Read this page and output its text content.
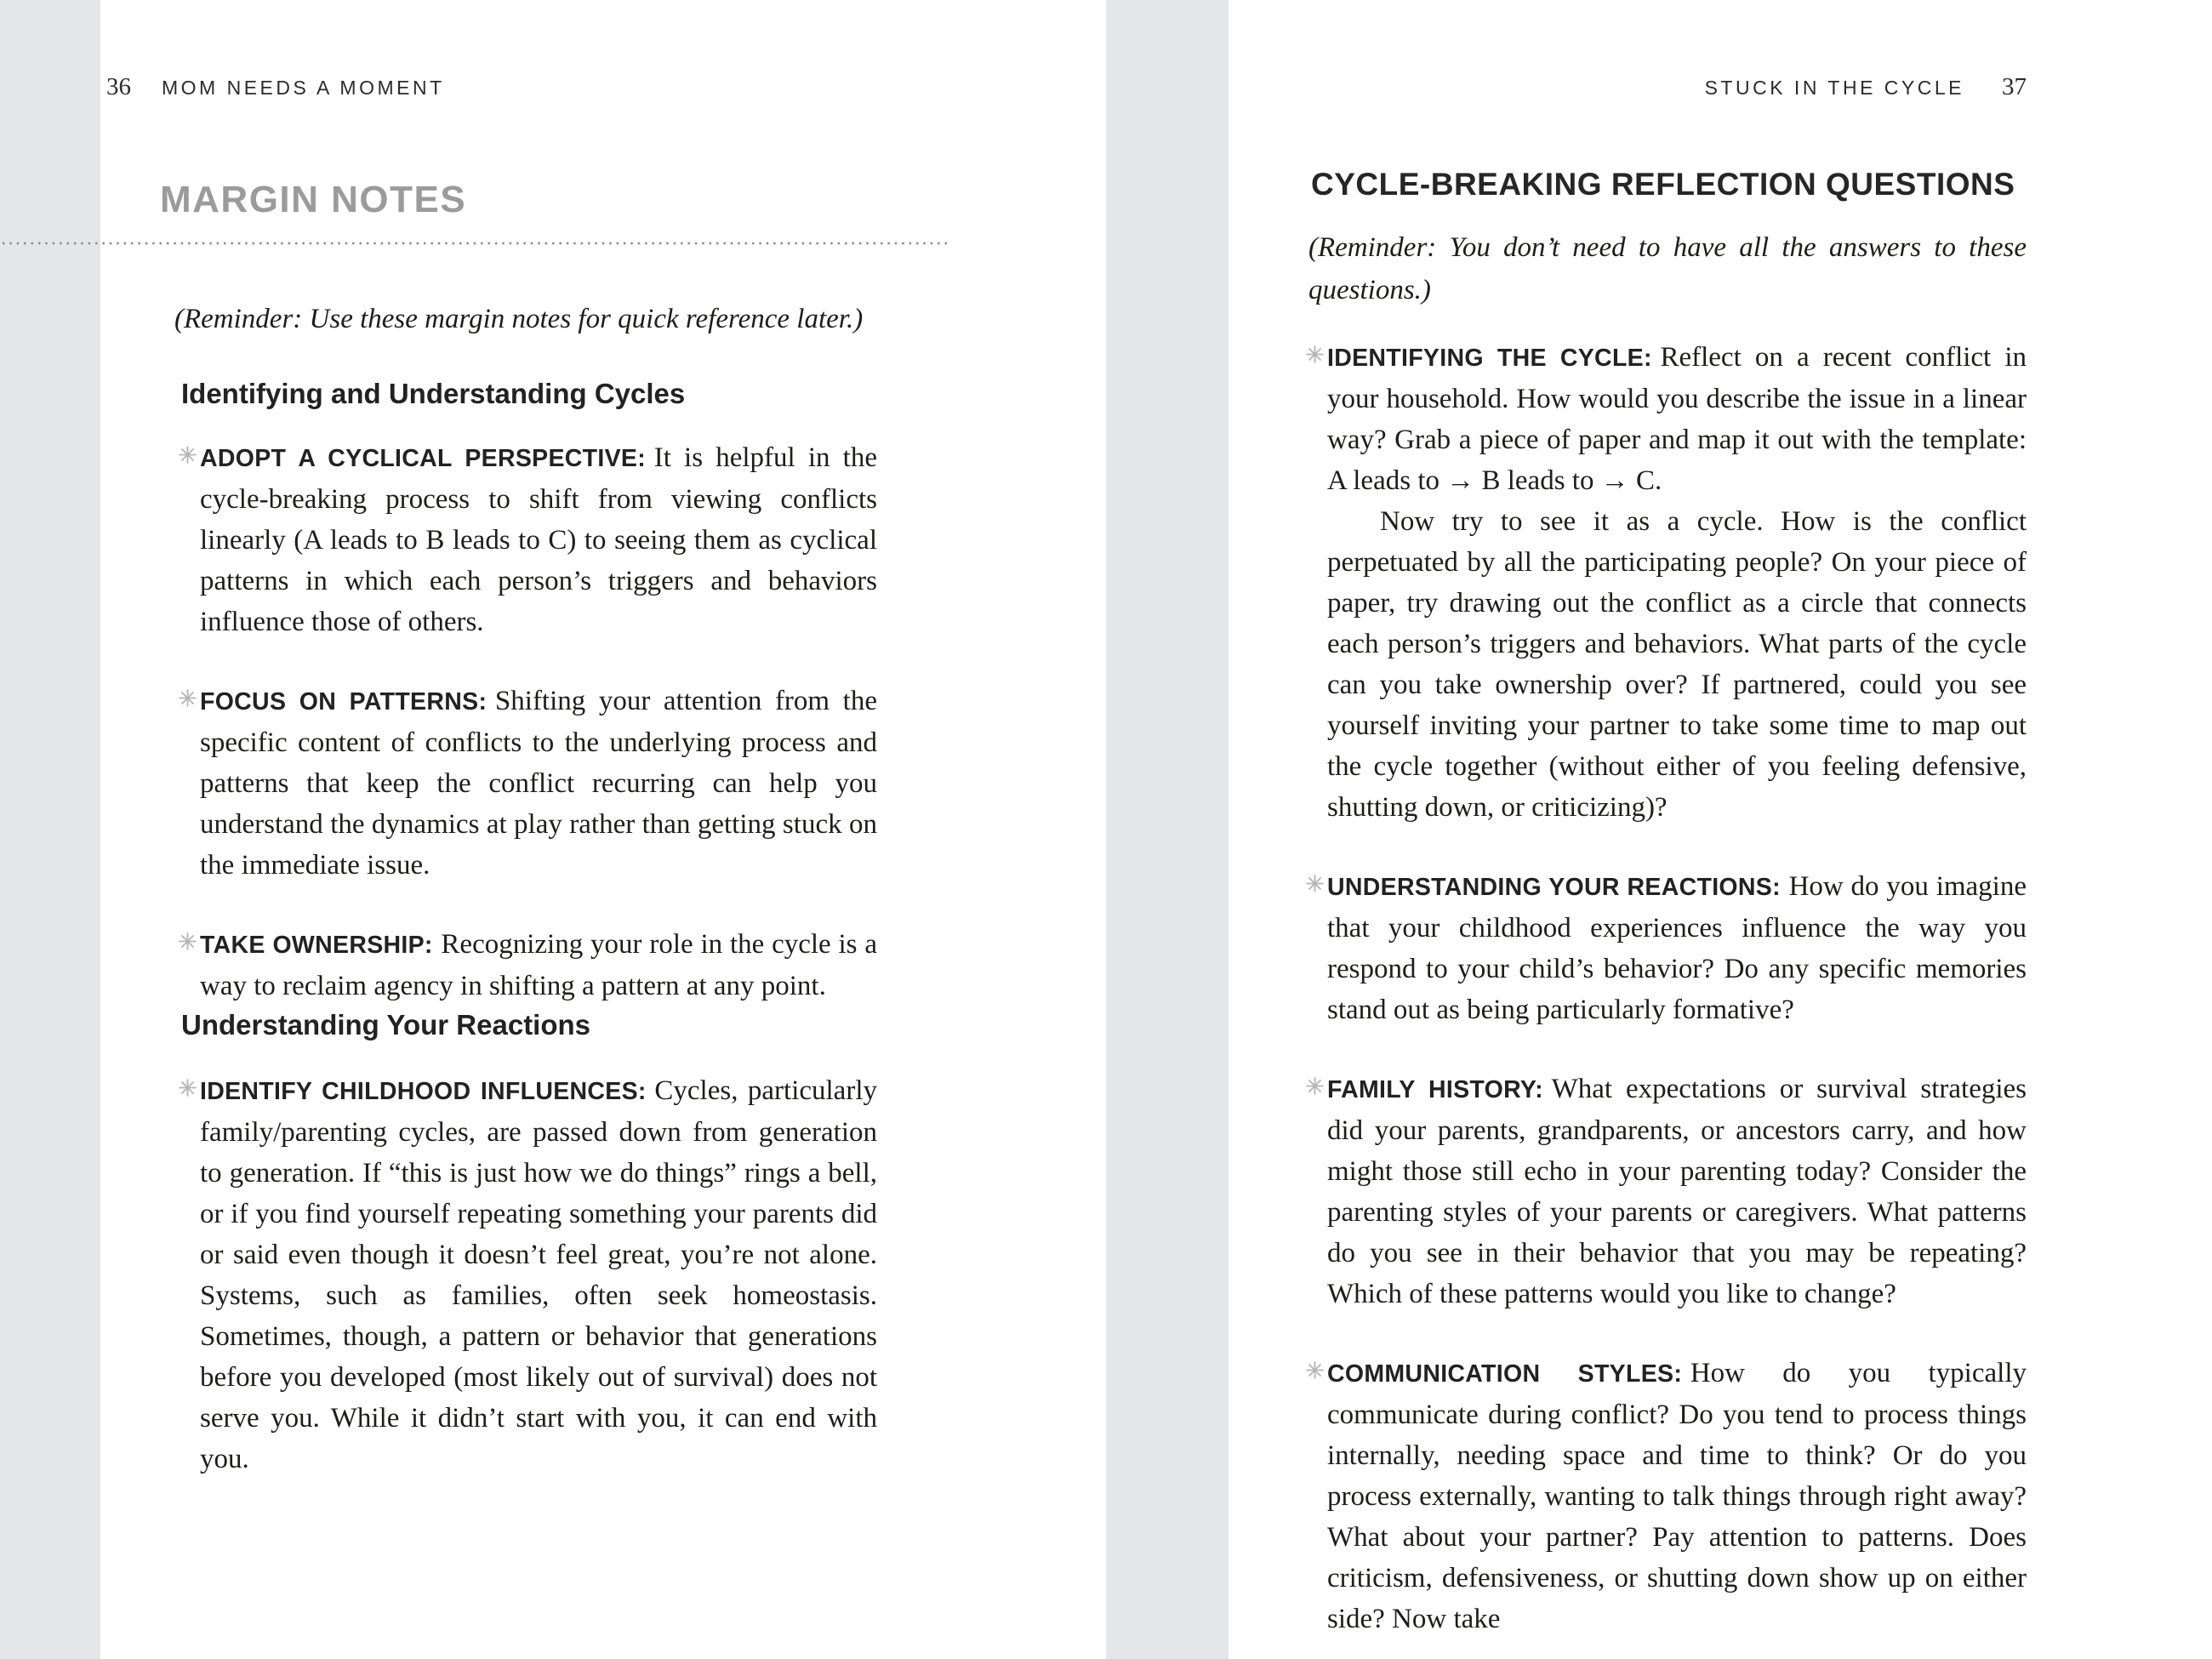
36 MOM NEEDS A MOMENT
MARGIN NOTES

(Reminder: Use these margin notes for quick reference later.)

Identifying and Understanding Cycles

ADOPT A CYCLICAL PERSPECTIVE: It is helpful in the cycle-breaking process to shift from viewing conflicts linearly (A leads to B leads to C) to seeing them as cyclical patterns in which each person’s triggers and behaviors influence those of others.

FOCUS ON PATTERNS: Shifting your attention from the specific content of conflicts to the underlying process and patterns that keep the conflict recurring can help you understand the dynamics at play rather than getting stuck on the immediate issue.

TAKE OWNERSHIP: Recognizing your role in the cycle is a way to reclaim agency in shifting a pattern at any point.

Understanding Your Reactions

IDENTIFY CHILDHOOD INFLUENCES: Cycles, particularly family/parenting cycles, are passed down from generation to generation. If “this is just how we do things” rings a bell, or if you find yourself repeating something your parents did or said even though it doesn’t feel great, you’re not alone. Systems, such as families, often seek homeostasis. Sometimes, though, a pattern or behavior that generations before you developed (most likely out of survival) does not serve you. While it didn’t start with you, it can end with you.

STUCK IN THE CYCLE 37
CYCLE-BREAKING REFLECTION QUESTIONS

(Reminder: You don’t need to have all the answers to these questions.)

IDENTIFYING THE CYCLE: Reflect on a recent conflict in your household. How would you describe the issue in a linear way? Grab a piece of paper and map it out with the template: A leads to → B leads to → C.

Now try to see it as a cycle. How is the conflict perpetuated by all the participating people? On your piece of paper, try drawing out the conflict as a circle that connects each person’s triggers and behaviors. What parts of the cycle can you take ownership over? If partnered, could you see yourself inviting your partner to take some time to map out the cycle together (without either of you feeling defensive, shutting down, or criticizing)?

UNDERSTANDING YOUR REACTIONS: How do you imagine that your childhood experiences influence the way you respond to your child’s behavior? Do any specific memories stand out as being particularly formative?

FAMILY HISTORY: What expectations or survival strategies did your parents, grandparents, or ancestors carry, and how might those still echo in your parenting today? Consider the parenting styles of your parents or caregivers. What patterns do you see in their behavior that you may be repeating? Which of these patterns would you like to change?

COMMUNICATION STYLES: How do you typically communicate during conflict? Do you tend to process things internally, needing space and time to think? Or do you process externally, wanting to talk things through right away? What about your partner? Pay attention to patterns. Does criticism, defensiveness, or shutting down show up on either side? Now take
